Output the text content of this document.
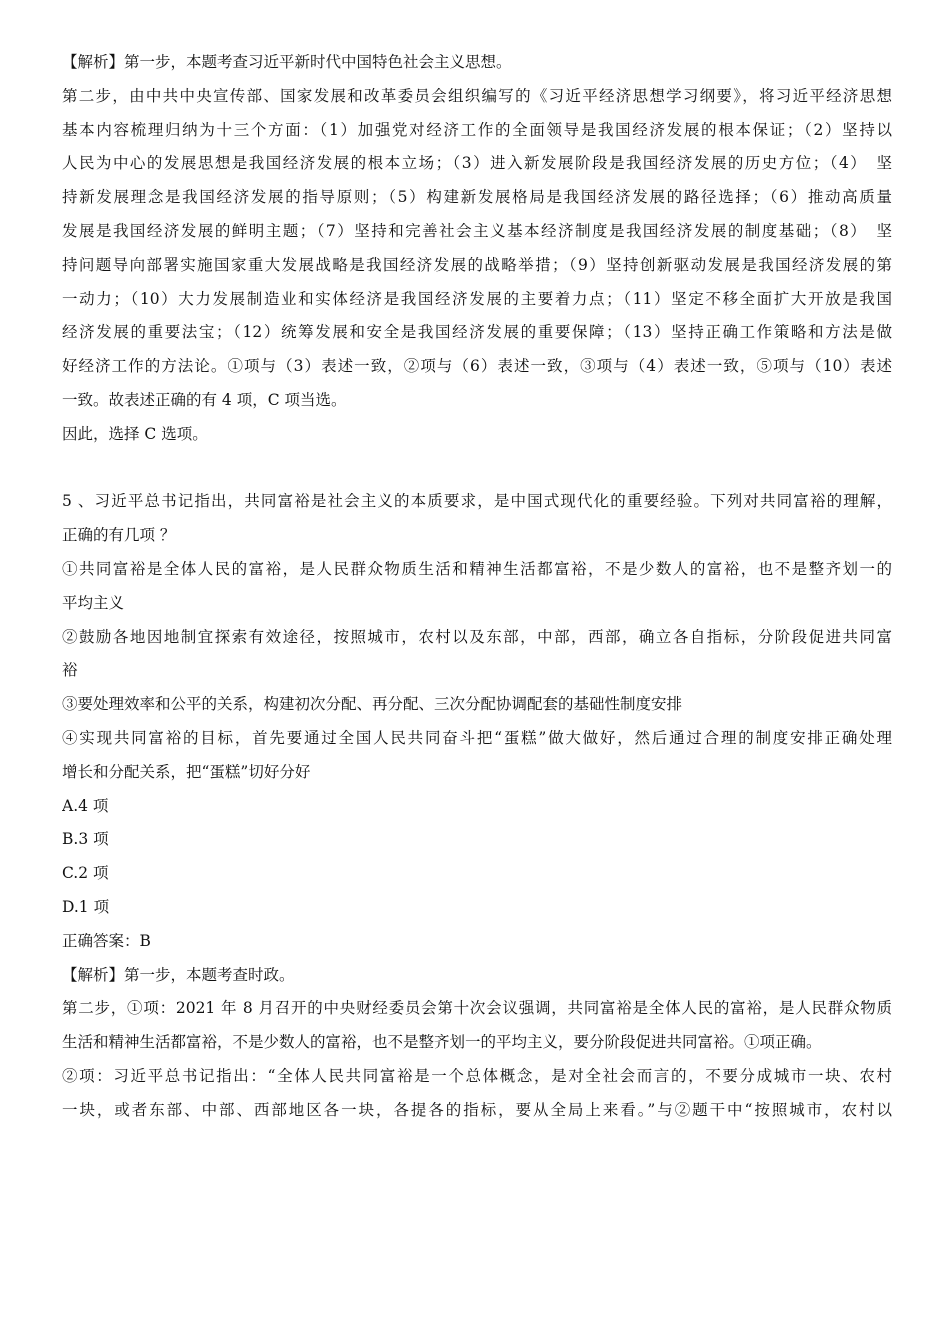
【解析】第一步，本题考查习近平新时代中国特色社会主义思想。
第二步，由中共中央宣传部、国家发展和改革委员会组织编写的《习近平经济思想学习纲要》，将习近平经济思想
基本内容梳理归纳为十三个方面：（1）加强党对经济工作的全面领导是我国经济发展的根本保证；（2）坚持以
人民为中心的发展思想是我国经济发展的根本立场；（3）进入新发展阶段是我国经济发展的历史方位；（4）　坚
持新发展理念是我国经济发展的指导原则；（5）构建新发展格局是我国经济发展的路径选择；（6）推动高质量
发展是我国经济发展的鲜明主题；（7）坚持和完善社会主义基本经济制度是我国经济发展的制度基础；（8）　坚
持问题导向部署实施国家重大发展战略是我国经济发展的战略举措；（9）坚持创新驱动发展是我国经济发展的第
一动力；（10）大力发展制造业和实体经济是我国经济发展的主要着力点；（11）坚定不移全面扩大开放是我国
经济发展的重要法宝；（12）统筹发展和安全是我国经济发展的重要保障；（13）坚持正确工作策略和方法是做
好经济工作的方法论。①项与（3）表述一致，②项与（6）表述一致，③项与（4）表述一致，⑤项与（10）表述
一致。故表述正确的有 4 项，C 项当选。
因此，选择 C 选项。
5 、习近平总书记指出，共同富裕是社会主义的本质要求，是中国式现代化的重要经验。下列对共同富裕的理解，
正确的有几项 ？
①共同富裕是全体人民的富裕，是人民群众物质生活和精神生活都富裕，不是少数人的富裕，也不是整齐划一的
平均主义
②鼓励各地因地制宜探索有效途径，按照城市，农村以及东部，中部，西部，确立各自指标，分阶段促进共同富
裕
③要处理效率和公平的关系，构建初次分配、再分配、三次分配协调配套的基础性制度安排
④实现共同富裕的目标，首先要通过全国人民共同奋斗把“蛋糕”做大做好，然后通过合理的制度安排正确处理
增长和分配关系，把“蛋糕”切好分好
A.4 项
B.3 项
C.2 项
D.1 项
正确答案：B
【解析】第一步，本题考查时政。
第二步，①项：2021 年 8 月召开的中央财经委员会第十次会议强调，共同富裕是全体人民的富裕，是人民群众物质
生活和精神生活都富裕，不是少数人的富裕，也不是整齐划一的平均主义，要分阶段促进共同富裕。①项正确。
②项：习近平总书记指出：“全体人民共同富裕是一个总体概念，是对全社会而言的，不要分成城市一块、农村
一块，或者东部、中部、西部地区各一块，各提各的指标，要从全局上来看。”与②题干中“按照城市，农村以
